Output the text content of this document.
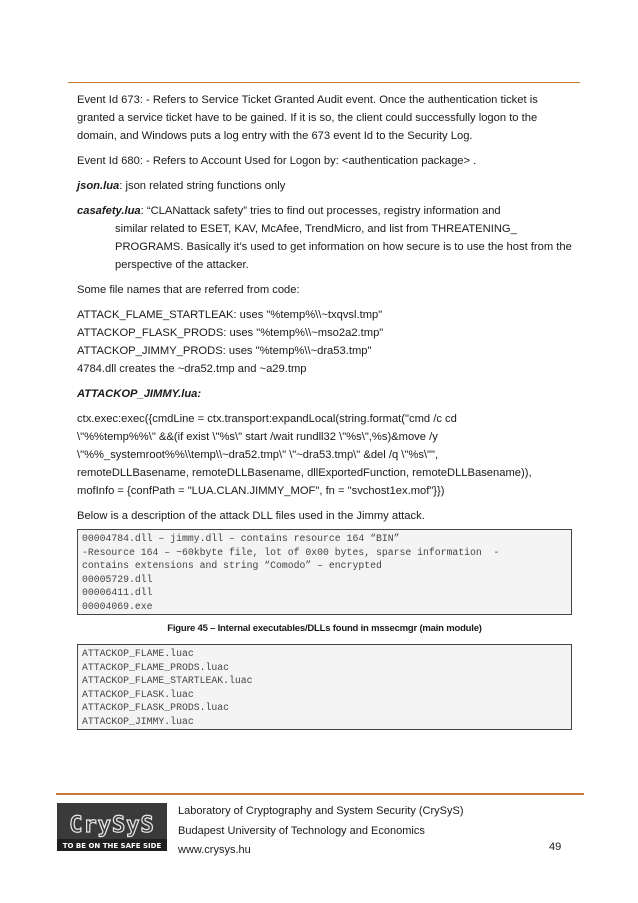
Event Id 673: - Refers to Service Ticket Granted Audit event. Once the authentication ticket is granted a service ticket have to be gained. If it is so, the client could successfully logon to the domain, and Windows puts a log entry with the 673 event Id to the Security Log.

Event Id 680: - Refers to Account Used for Logon by: <authentication package> .

json.lua: json related string functions only

casafety.lua: “CLANattack safety” tries to find out processes, registry information and

similar related to ESET, KAV, McAfee, TrendMicro, and list from THREATENING_ PROGRAMS. Basically it’s used to get information on how secure is to use the host from the perspective of the attacker.

Some file names that are referred from code:

ATTACK_FLAME_STARTLEAK: uses "%temp%\\~txqvsl.tmp"
ATTACKOP_FLASK_PRODS: uses "%temp%\\~mso2a2.tmp"
ATTACKOP_JIMMY_PRODS: uses "%temp%\\~dra53.tmp"
4784.dll creates the ~dra52.tmp and ~a29.tmp

ATTACKOP_JIMMY.lua:

ctx.exec:exec({cmdLine = ctx.transport:expandLocal(string.format("cmd /c cd
\"%%temp%%\" &&(if exist \"%s\" start /wait rundll32 \"%s\",%s)&move /y
\"%%_systemroot%%\\temp\\~dra52.tmp\" \"~dra53.tmp\" &del /q \"%s\"",
remoteDLLBasename, remoteDLLBasename, dllExportedFunction, remoteDLLBasename)),
mofInfo = {confPath = "LUA.CLAN.JIMMY_MOF", fn = "svchost1ex.mof"}})

Below is a description of the attack DLL files used in the Jimmy attack.

00004784.dll – jimmy.dll – contains resource 164 “BIN”
-Resource 164 – ~60kbyte file, lot of 0x00 bytes, sparse information  -
contains extensions and string “Comodo” – encrypted
00005729.dll
00006411.dll
00004069.exe
Figure 45 – Internal executables/DLLs found in mssecmgr (main module)
ATTACKOP_FLAME.luac
ATTACKOP_FLAME_PRODS.luac
ATTACKOP_FLAME_STARTLEAK.luac
ATTACKOP_FLASK.luac
ATTACKOP_FLASK_PRODS.luac
ATTACKOP_JIMMY.luac
CrySyS
TO BE ON THE SAFE SIDE
Laboratory of Cryptography and System Security (CrySyS)
Budapest University of Technology and Economics
www.crysys.hu	49
